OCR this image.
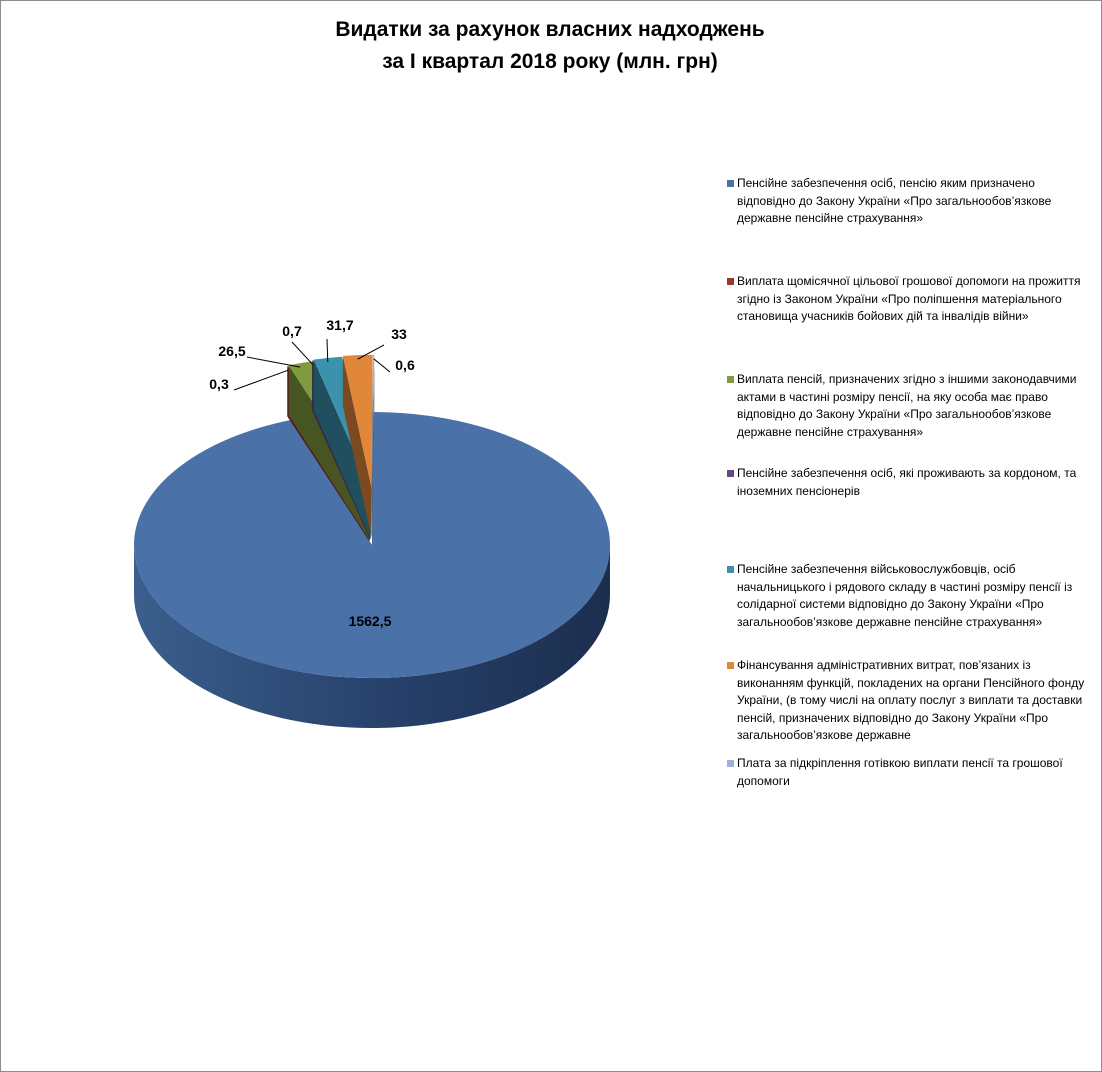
Видатки за рахунок власних надходжень
за І квартал 2018 року (млн. грн)
1562,5
0,3
26,5
0,7 31,7
33
0,6
Пенсійне забезпечення осіб, пенсію яким призначено відповідно до Закону України «Про загальнообов’язкове державне пенсійне страхування»
Виплата щомісячної цільової грошової допомоги на прожиття згідно із Законом України «Про поліпшення матеріального становища учасників бойових дій та інвалідів війни»
Виплата пенсій, призначених згідно з іншими законодавчими актами в частині розміру пенсії, на яку особа має право відповідно до Закону України «Про загальнообов’язкове державне пенсійне страхування»
Пенсійне забезпечення осіб, які проживають за кордоном, та іноземних пенсіонерів
Пенсійне забезпечення військовослужбовців, осіб начальницького і рядового складу в частині розміру пенсії із солідарної системи відповідно до Закону України «Про загальнообов’язкове державне пенсійне страхування»
Фінансування адміністративних витрат, пов’язаних із виконанням функцій, покладених на органи Пенсійного фонду України, (в тому числі на оплату послуг з виплати та доставки пенсій, призначених відповідно до Закону України «Про загальнообов’язкове державне
Плата за підкріплення готівкою виплати пенсії та грошової допомоги
